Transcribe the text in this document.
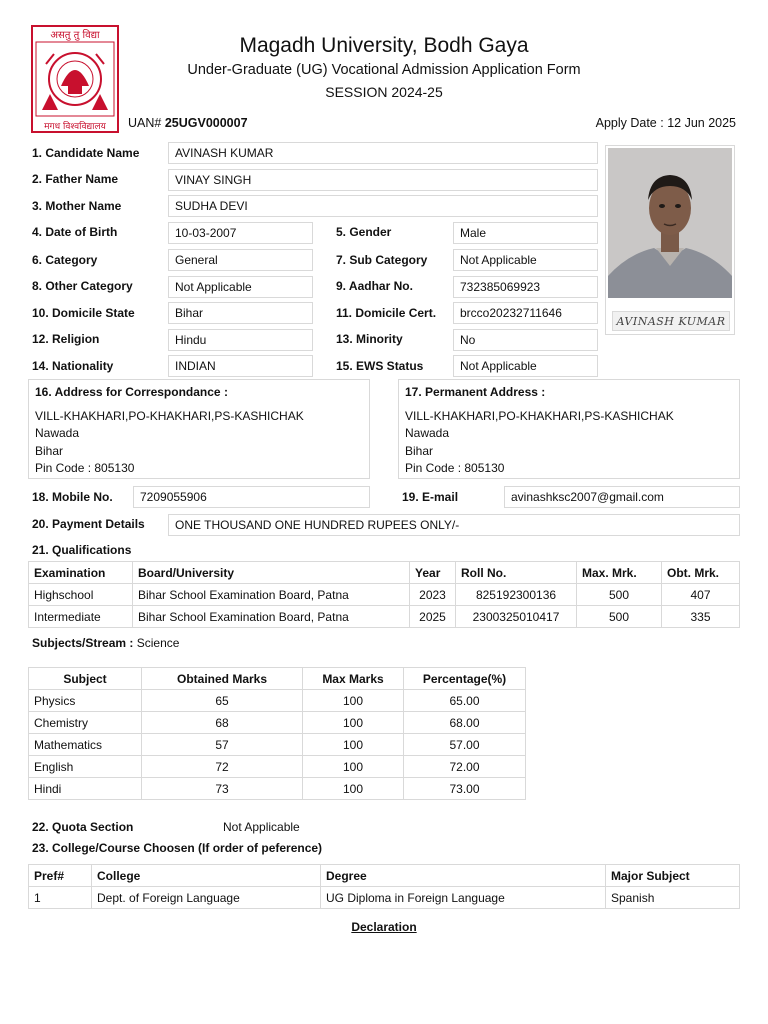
असतु तु विद्या
मगध विश्वविद्यालय
Magadh University, Bodh Gaya
Under-Graduate (UG) Vocational Admission Application Form
SESSION 2024-25
UAN# 25UGV000007	Apply Date : 12 Jun 2025
1. Candidate Name	AVINASH KUMAR
2. Father Name	VINAY SINGH
3. Mother Name	SUDHA DEVI
4. Date of Birth	10-03-2007	5. Gender	Male
6. Category	General	7. Sub Category	Not Applicable
8. Other Category	Not Applicable	9. Aadhar No.	732385069923
10. Domicile State	Bihar	11. Domicile Cert.	brcco20232711646
12. Religion	Hindu	13. Minority	No
14. Nationality	INDIAN	15. EWS Status	Not Applicable
AVINASH KUMAR
16. Address for Correspondance :
VILL-KHAKHARI,PO-KHAKHARI,PS-KASHICHAK
Nawada
Bihar
Pin Code : 805130
17. Permanent Address :
VILL-KHAKHARI,PO-KHAKHARI,PS-KASHICHAK
Nawada
Bihar
Pin Code : 805130
18. Mobile No.	7209055906	19. E-mail	avinashksc2007@gmail.com
20. Payment Details	ONE THOUSAND ONE HUNDRED RUPEES ONLY/-
21. Qualifications
Examination	Board/University	Year	Roll No.	Max. Mrk.	Obt. Mrk.
Highschool	Bihar School Examination Board, Patna	2023	825192300136	500	407
Intermediate	Bihar School Examination Board, Patna	2025	2300325010417	500	335
Subjects/Stream : Science
Subject	Obtained Marks	Max Marks	Percentage(%)
Physics	65	100	65.00
Chemistry	68	100	68.00
Mathematics	57	100	57.00
English	72	100	72.00
Hindi	73	100	73.00
22. Quota Section	Not Applicable
23. College/Course Choosen (If order of peference)
Pref#	College	Degree	Major Subject
1	Dept. of Foreign Language	UG Diploma in Foreign Language	Spanish
Declaration
